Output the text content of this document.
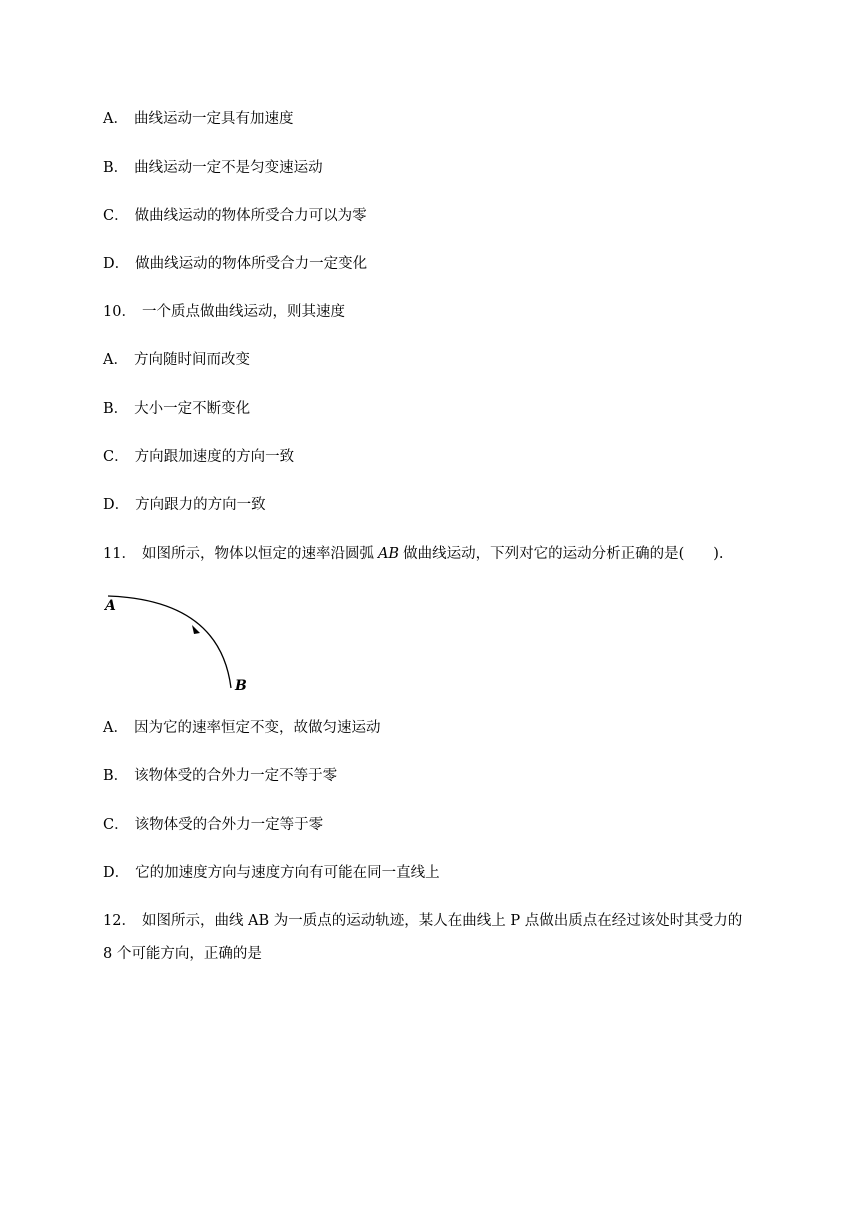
A． 曲线运动一定具有加速度
B． 曲线运动一定不是匀变速运动
C． 做曲线运动的物体所受合力可以为零
D． 做曲线运动的物体所受合力一定变化
10． 一个质点做曲线运动，则其速度
A． 方向随时间而改变
B． 大小一定不断变化
C． 方向跟加速度的方向一致
D． 方向跟力的方向一致
11． 如图所示，物体以恒定的速率沿圆弧 AB 做曲线运动，下列对它的运动分析正确的是(　　).
A
B
A． 因为它的速率恒定不变，故做匀速运动
B． 该物体受的合外力一定不等于零
C． 该物体受的合外力一定等于零
D． 它的加速度方向与速度方向有可能在同一直线上
12． 如图所示，曲线 AB 为一质点的运动轨迹，某人在曲线上 P 点做出质点在经过该处时其受力的
8 个可能方向，正确的是
